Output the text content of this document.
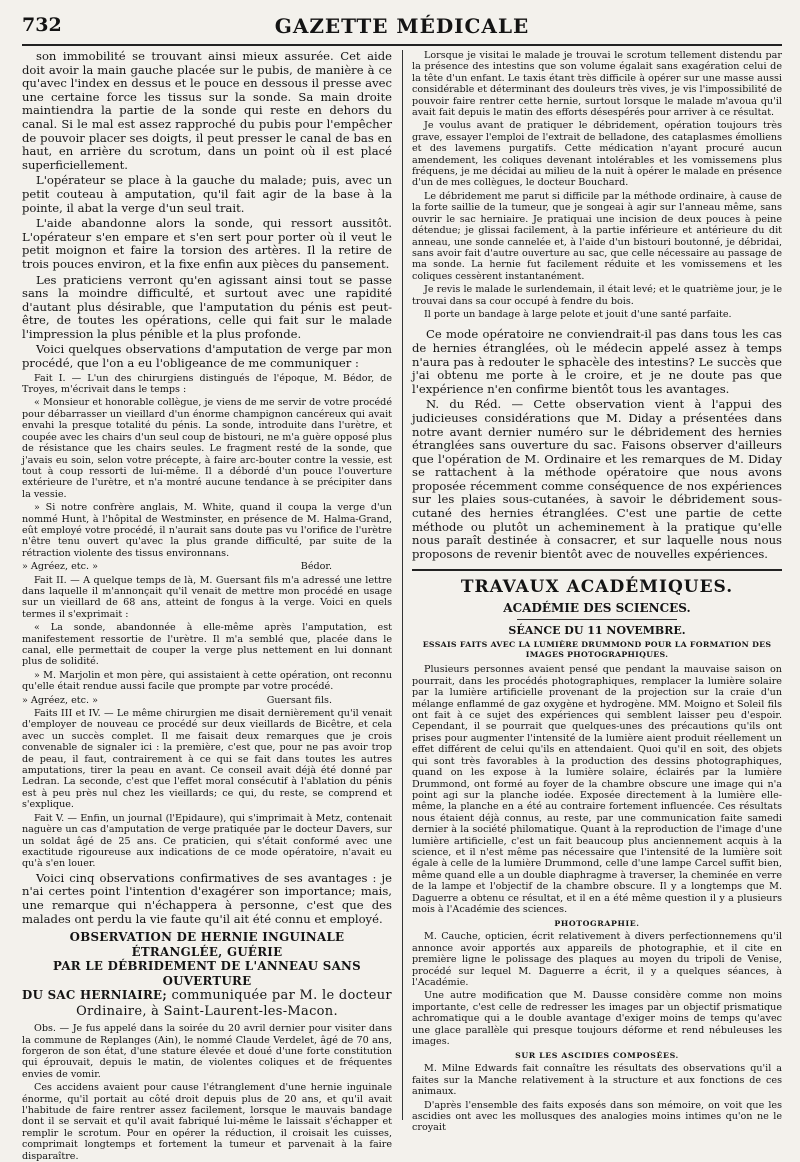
732	GAZETTE MÉDICALE

son immobilité se trouvant ainsi mieux assurée. Cet aide doit avoir la main gauche placée sur le pubis, de manière à ce qu'avec l'index en dessus et le pouce en dessous il presse avec une certaine force les tissus sur la sonde. Sa main droite maintiendra la partie de la sonde qui reste en dehors du canal. Si le mal est assez rapproché du pubis pour l'empêcher de pouvoir placer ses doigts, il peut presser le canal de bas en haut, en arrière du scrotum, dans un point où il est placé superficiellement.

L'opérateur se place à la gauche du malade; puis, avec un petit couteau à amputation, qu'il fait agir de la base à la pointe, il abat la verge d'un seul trait.

L'aide abandonne alors la sonde, qui ressort aussitôt. L'opérateur s'en empare et s'en sert pour porter où il veut le petit moignon et faire la torsion des artères. Il la retire de trois pouces environ, et la fixe enfin aux pièces du pansement.

Les praticiens verront qu'en agissant ainsi tout se passe sans la moindre difficulté, et surtout avec une rapidité d'autant plus désirable, que l'amputation du pénis est peut-être, de toutes les opérations, celle qui fait sur le malade l'impression la plus pénible et la plus profonde.

Voici quelques observations d'amputation de verge par mon procédé, que l'on a eu l'obligeance de me communiquer :

Fait I. — L'un des chirurgiens distingués de l'époque, M. Bédor, de Troyes, m'écrivait dans le temps :

« Monsieur et honorable collègue, je viens de me servir de votre procédé pour débarrasser un vieillard d'un énorme champignon cancéreux qui avait envahi la presque totalité du pénis. La sonde, introduite dans l'urètre, et coupée avec les chairs d'un seul coup de bistouri, ne m'a guère opposé plus de résistance que les chairs seules. Le fragment resté de la sonde, que j'avais eu soin, selon votre précepte, à faire arc-bouter contre la vessie, est tout à coup ressorti de lui-même. Il a débordé d'un pouce l'ouverture extérieure de l'urètre, et n'a montré aucune tendance à se précipiter dans la vessie.

» Si notre confrère anglais, M. White, quand il coupa la verge d'un nommé Hunt, à l'hôpital de Westminster, en présence de M. Halma-Grand, eût employé votre procédé, il n'aurait sans doute pas vu l'orifice de l'urètre n'être tenu ouvert qu'avec la plus grande difficulté, par suite de la rétraction violente des tissus environnans.

» Agréez, etc. »	Bédor.

Fait II. — A quelque temps de là, M. Guersant fils m'a adressé une lettre dans laquelle il m'annonçait qu'il venait de mettre mon procédé en usage sur un vieillard de 68 ans, atteint de fongus à la verge. Voici en quels termes il s'exprimait :

« La sonde, abandonnée à elle-même après l'amputation, est manifestement ressortie de l'urètre. Il m'a semblé que, placée dans le canal, elle permettait de couper la verge plus nettement en lui donnant plus de solidité.

» M. Marjolin et mon père, qui assistaient à cette opération, ont reconnu qu'elle était rendue aussi facile que prompte par votre procédé.

» Agréez, etc. »	Guersant fils.

Faits III et IV. — Le même chirurgien me disait dernièrement qu'il venait d'employer de nouveau ce procédé sur deux vieillards de Bicêtre, et cela avec un succès complet. Il me faisait deux remarques que je crois convenable de signaler ici : la première, c'est que, pour ne pas avoir trop de peau, il faut, contrairement à ce qui se fait dans toutes les autres amputations, tirer la peau en avant. Ce conseil avait déjà été donné par Ledran. La seconde, c'est que l'effet moral consécutif à l'ablation du pénis est à peu près nul chez les vieillards; ce qui, du reste, se comprend et s'explique.

Fait V. — Enfin, un journal (l'Epidaure), qui s'imprimait à Metz, contenait naguère un cas d'amputation de verge pratiquée par le docteur Davers, sur un soldat âgé de 25 ans. Ce praticien, qui s'était conformé avec une exactitude rigoureuse aux indications de ce mode opératoire, n'avait eu qu'à s'en louer.

Voici cinq observations confirmatives de ses avantages : je n'ai certes point l'intention d'exagérer son importance; mais, une remarque qui n'échappera à personne, c'est que des malades ont perdu la vie faute qu'il ait été connu et employé.

OBSERVATION DE HERNIE INGUINALE ÉTRANGLÉE, GUÉRIE
PAR LE DÉBRIDEMENT DE L'ANNEAU SANS OUVERTURE
DU SAC HERNIAIRE; communiquée par M. le docteur Ordinaire, à Saint-Laurent-les-Macon.

Obs. — Je fus appelé dans la soirée du 20 avril dernier pour visiter dans la commune de Replanges (Ain), le nommé Claude Verdelet, âgé de 70 ans, forgeron de son état, d'une stature élevée et doué d'une forte constitution qui éprouvait, depuis le matin, de violentes coliques et de fréquentes envies de vomir.

Ces accidens avaient pour cause l'étranglement d'une hernie inguinale énorme, qu'il portait au côté droit depuis plus de 20 ans, et qu'il avait l'habitude de faire rentrer assez facilement, lorsque le mauvais bandage dont il se servait et qu'il avait fabriqué lui-même le laissait s'échapper et remplir le scrotum. Pour en opérer la réduction, il croisait les cuisses, comprimait longtemps et fortement la tumeur et parvenait à la faire disparaître.

Lorsque je visitai le malade je trouvai le scrotum tellement distendu par la présence des intestins que son volume égalait sans exagération celui de la tête d'un enfant. Le taxis étant très difficile à opérer sur une masse aussi considérable et déterminant des douleurs très vives, je vis l'impossibilité de pouvoir faire rentrer cette hernie, surtout lorsque le malade m'avoua qu'il avait fait depuis le matin des efforts désespérés pour arriver à ce résultat.

Je voulus avant de pratiquer le débridement, opération toujours très grave, essayer l'emploi de l'extrait de belladone, des cataplasmes émolliens et des lavemens purgatifs. Cette médication n'ayant procuré aucun amendement, les coliques devenant intolérables et les vomissemens plus fréquens, je me décidai au milieu de la nuit à opérer le malade en présence d'un de mes collègues, le docteur Bouchard.

Le débridement me parut si difficile par la méthode ordinaire, à cause de la forte saillie de la tumeur, que je songeai à agir sur l'anneau même, sans ouvrir le sac herniaire. Je pratiquai une incision de deux pouces à peine détendue; je glissai facilement, à la partie inférieure et antérieure du dit anneau, une sonde cannelée et, à l'aide d'un bistouri boutonné, je débridai, sans avoir fait d'autre ouverture au sac, que celle nécessaire au passage de ma sonde. La hernie fut facilement réduite et les vomissemens et les coliques cessèrent instantanément.

Je revis le malade le surlendemain, il était levé; et le quatrième jour, je le trouvai dans sa cour occupé à fendre du bois.

Il porte un bandage à large pelote et jouit d'une santé parfaite.

Ce mode opératoire ne conviendrait-il pas dans tous les cas de hernies étranglées, où le médecin appelé assez à temps n'aura pas à redouter le sphacèle des intestins? Le succès que j'ai obtenu me porte à le croire, et je ne doute pas que l'expérience n'en confirme bientôt tous les avantages.

N. du Réd. — Cette observation vient à l'appui des judicieuses considérations que M. Diday a présentées dans notre avant dernier numéro sur le débridement des hernies étranglées sans ouverture du sac. Faisons observer d'ailleurs que l'opération de M. Ordinaire et les remarques de M. Diday se rattachent à la méthode opératoire que nous avons proposée récemment comme conséquence de nos expériences sur les plaies sous-cutanées, à savoir le débridement sous-cutané des hernies étranglées. C'est une partie de cette méthode ou plutôt un acheminement à la pratique qu'elle nous paraît destinée à consacrer, et sur laquelle nous nous proposons de revenir bientôt avec de nouvelles expériences.

TRAVAUX ACADÉMIQUES.
ACADÉMIE DES SCIENCES.
SÉANCE DU 11 NOVEMBRE.
ESSAIS FAITS AVEC LA LUMIÈRE DRUMMOND POUR LA FORMATION DES IMAGES PHOTOGRAPHIQUES.

Plusieurs personnes avaient pensé que pendant la mauvaise saison on pourrait, dans les procédés photographiques, remplacer la lumière solaire par la lumière artificielle provenant de la projection sur la craie d'un mélange enflammé de gaz oxygène et hydrogène. MM. Moigno et Soleil fils ont fait à ce sujet des expériences qui semblent laisser peu d'espoir. Cependant, il se pourrait que quelques-unes des précautions qu'ils ont prises pour augmenter l'intensité de la lumière aient produit réellement un effet différent de celui qu'ils en attendaient. Quoi qu'il en soit, des objets qui sont très favorables à la production des dessins photographiques, quand on les expose à la lumière solaire, éclairés par la lumière Drummond, ont formé au foyer de la chambre obscure une image qui n'a point agi sur la planche iodée. Exposée directement à la lumière elle-même, la planche en a été au contraire fortement influencée. Ces résultats nous étaient déjà connus, au reste, par une communication faite samedi dernier à la société philomatique. Quant à la reproduction de l'image d'une lumière artificielle, c'est un fait beaucoup plus anciennement acquis à la science, et il n'est même pas nécessaire que l'intensité de la lumière soit égale à celle de la lumière Drummond, celle d'une lampe Carcel suffit bien, même quand elle a un double diaphragme à traverser, la cheminée en verre de la lampe et l'objectif de la chambre obscure. Il y a longtemps que M. Daguerre a obtenu ce résultat, et il en a été même question il y a plusieurs mois à l'Académie des sciences.

PHOTOGRAPHIE.

M. Cauche, opticien, écrit relativement à divers perfectionnemens qu'il annonce avoir apportés aux appareils de photographie, et il cite en première ligne le polissage des plaques au moyen du tripoli de Venise, procédé sur lequel M. Daguerre a écrit, il y a quelques séances, à l'Académie.

Une autre modification que M. Dausse considère comme non moins importante, c'est celle de redresser les images par un objectif prismatique achromatique qui a le double avantage d'exiger moins de temps qu'avec une glace parallèle qui presque toujours déforme et rend nébuleuses les images.

SUR LES ASCIDIES COMPOSÉES.

M. Milne Edwards fait connaître les résultats des observations qu'il a faites sur la Manche relativement à la structure et aux fonctions de ces animaux.

D'après l'ensemble des faits exposés dans son mémoire, on voit que les ascidies ont avec les mollusques des analogies moins intimes qu'on ne le croyait
